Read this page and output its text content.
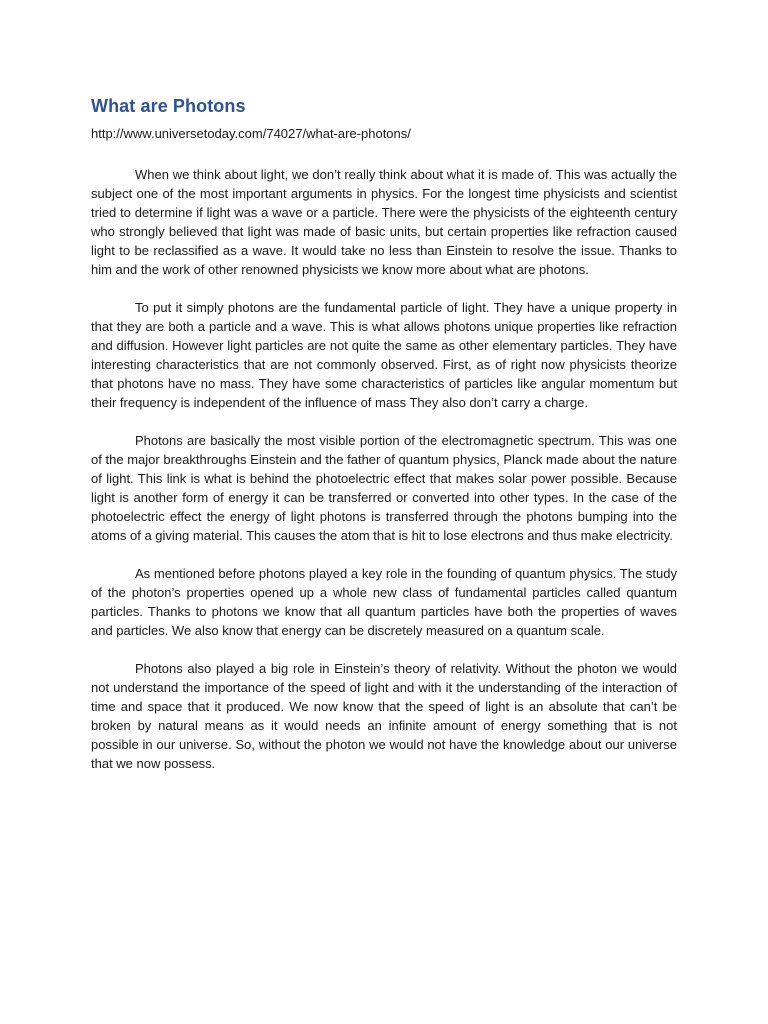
What are Photons

http://www.universetoday.com/74027/what-are-photons/

When we think about light, we don’t really think about what it is made of. This was actually the subject one of the most important arguments in physics. For the longest time physicists and scientist tried to determine if light was a wave or a particle. There were the physicists of the eighteenth century who strongly believed that light was made of basic units, but certain properties like refraction caused light to be reclassified as a wave. It would take no less than Einstein to resolve the issue. Thanks to him and the work of other renowned physicists we know more about what are photons.

To put it simply photons are the fundamental particle of light. They have a unique property in that they are both a particle and a wave. This is what allows photons unique properties like refraction and diffusion. However light particles are not quite the same as other elementary particles. They have interesting characteristics that are not commonly observed. First, as of right now physicists theorize that photons have no mass. They have some characteristics of particles like angular momentum but their frequency is independent of the influence of mass They also don’t carry a charge.

Photons are basically the most visible portion of the electromagnetic spectrum. This was one of the major breakthroughs Einstein and the father of quantum physics, Planck made about the nature of light. This link is what is behind the photoelectric effect that makes solar power possible. Because light is another form of energy it can be transferred or converted into other types. In the case of the photoelectric effect the energy of light photons is transferred through the photons bumping into the atoms of a giving material. This causes the atom that is hit to lose electrons and thus make electricity.

As mentioned before photons played a key role in the founding of quantum physics. The study of the photon’s properties opened up a whole new class of fundamental particles called quantum particles. Thanks to photons we know that all quantum particles have both the properties of waves and particles. We also know that energy can be discretely measured on a quantum scale.

Photons also played a big role in Einstein’s theory of relativity. Without the photon we would not understand the importance of the speed of light and with it the understanding of the interaction of time and space that it produced. We now know that the speed of light is an absolute that can’t be broken by natural means as it would needs an infinite amount of energy something that is not possible in our universe. So, without the photon we would not have the knowledge about our universe that we now possess.
